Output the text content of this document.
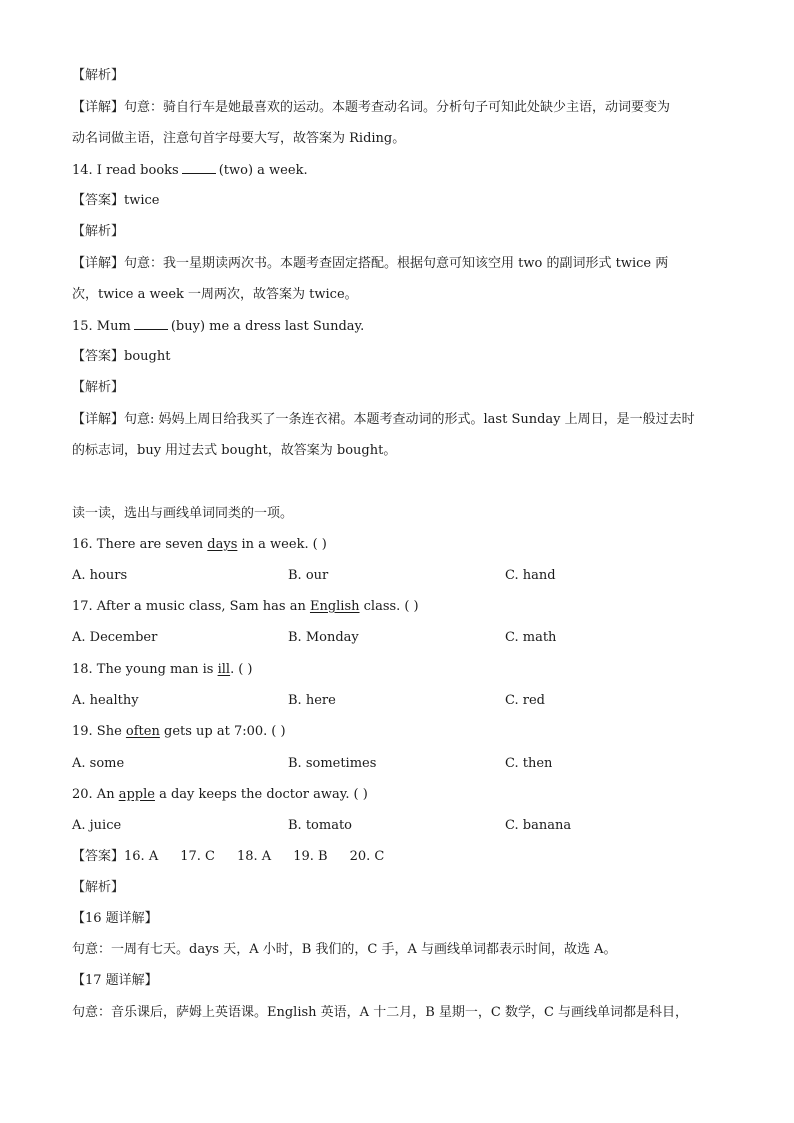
【解析】
【详解】句意：骑自行车是她最喜欢的运动。本题考查动名词。分析句子可知此处缺少主语，动词要变为
动名词做主语，注意句首字母要大写，故答案为 Riding。
14. I read books	(two) a week.
【答案】twice
【解析】
【详解】句意：我一星期读两次书。本题考查固定搭配。根据句意可知该空用 two 的副词形式 twice 两
次，twice a week 一周两次，故答案为 twice。
15. Mum	(buy) me a dress last Sunday.
【答案】bought
【解析】
【详解】句意: 妈妈上周日给我买了一条连衣裙。本题考查动词的形式。last Sunday 上周日，是一般过去时
的标志词，buy 用过去式 bought，故答案为 bought。
读一读，选出与画线单词同类的一项。
16. There are seven days in a week. ( )
A. hours	B. our	C. hand
17. After a music class, Sam has an English class. ( )
A. December	B. Monday	C. math
18. The young man is ill. ( )
A. healthy	B. here	C. red
19. She often gets up at 7:00. ( )
A. some	B. sometimes	C. then
20. An apple a day keeps the doctor away. ( )
A. juice	B. tomato	C. banana
【答案】16. A 17. C 18. A 19. B 20. C
【解析】
【16 题详解】
句意：一周有七天。days 天，A 小时，B 我们的，C 手，A 与画线单词都表示时间，故选 A。
【17 题详解】
句意：音乐课后，萨姆上英语课。English 英语，A 十二月，B 星期一，C 数学，C 与画线单词都是科目，
